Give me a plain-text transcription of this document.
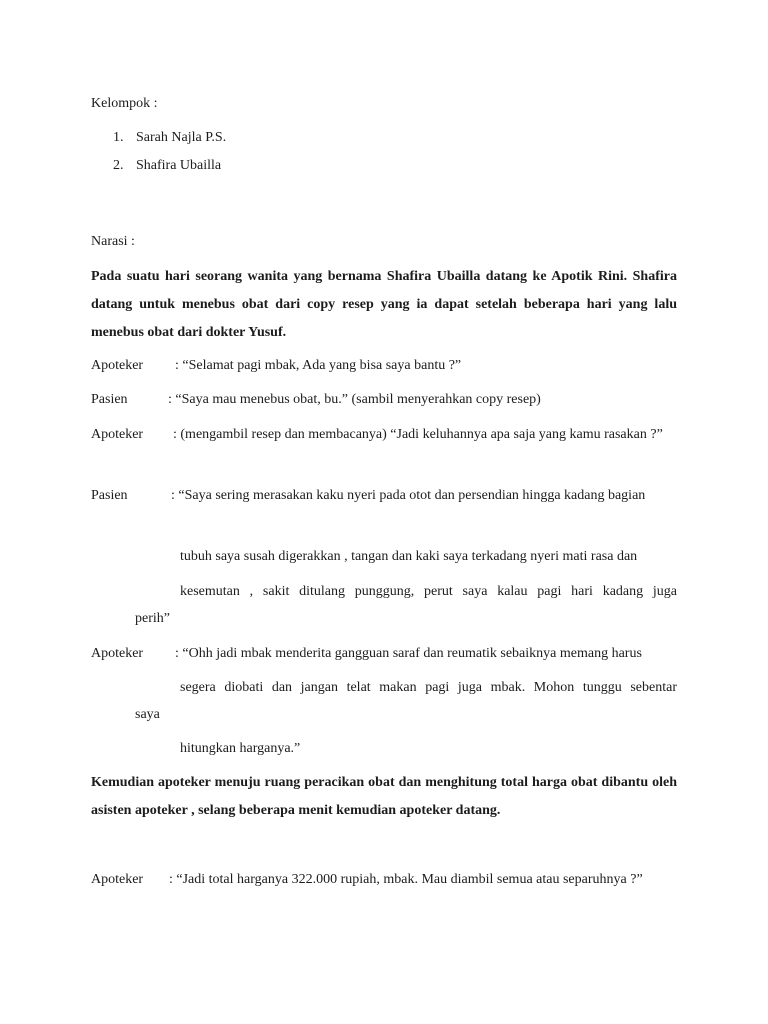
Kelompok :

1. Sarah Najla P.S.
2. Shafira Ubailla

Narasi :

Pada suatu hari seorang wanita yang bernama Shafira Ubailla datang ke Apotik Rini. Shafira datang untuk menebus obat dari copy resep yang ia dapat setelah beberapa hari yang lalu menebus obat dari dokter Yusuf.

Apoteker : “Selamat pagi mbak, Ada yang bisa saya bantu ?”
Pasien	: “Saya mau menebus obat, bu.” (sambil menyerahkan copy resep)
Apoteker : (mengambil resep dan membacanya) “Jadi keluhannya apa saja yang kamu rasakan ?”
Pasien	: “Saya sering merasakan kaku nyeri pada otot dan persendian hingga kadang bagian
tubuh saya susah digerakkan , tangan dan kaki saya terkadang nyeri mati rasa dan
kesemutan , sakit ditulang punggung, perut saya kalau pagi hari kadang juga
perih”
Apoteker : “Ohh jadi mbak menderita gangguan saraf dan reumatik sebaiknya memang harus
segera diobati dan jangan telat makan pagi juga mbak. Mohon tunggu sebentar
saya
hitungkan harganya.”

Kemudian apoteker menuju ruang peracikan obat dan menghitung total harga obat dibantu oleh asisten apoteker , selang beberapa menit kemudian apoteker datang.

Apoteker : “Jadi total harganya 322.000 rupiah, mbak. Mau diambil semua atau separuhnya ?”
